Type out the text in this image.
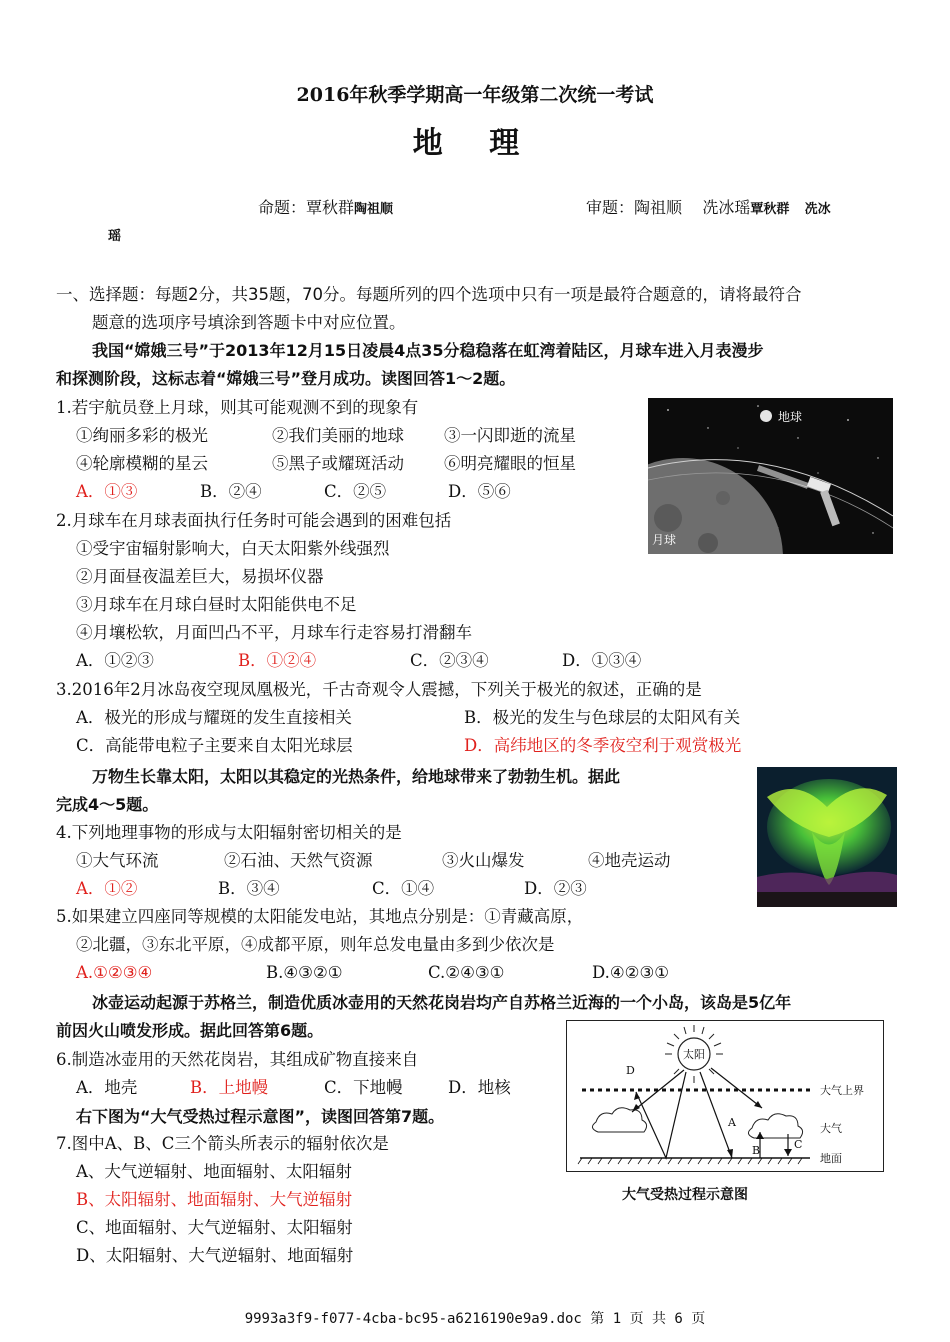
2016年秋季学期高一年级第二次统一考试
地 理
命题：覃秋群陶祖顺	审题：陶祖顺 冼冰瑶覃秋群 冼冰
瑶
一、选择题：每题2分，共35题，70分。每题所列的四个选项中只有一项是最符合题意的，请将最符合
题意的选项序号填涂到答题卡中对应位置。
我国“嫦娥三号”于2013年12月15日凌晨4点35分稳稳落在虹湾着陆区，月球车进入月表漫步
和探测阶段，这标志着“嫦娥三号”登月成功。读图回答1～2题。
1.若宇航员登上月球，则其可能观测不到的现象有
①绚丽多彩的极光	②我们美丽的地球 ③一闪即逝的流星
④轮廓模糊的星云	⑤黑子或耀斑活动 ⑥明亮耀眼的恒星
A．①③	B．②④	C．②⑤	D．⑤⑥
地球
月球
2.月球车在月球表面执行任务时可能会遇到的困难包括
①受宇宙辐射影响大，白天太阳紫外线强烈
②月面昼夜温差巨大，易损坏仪器
③月球车在月球白昼时太阳能供电不足
④月壤松软，月面凹凸不平，月球车行走容易打滑翻车
A．①②③	B．①②④	C．②③④	D．①③④
3.2016年2月冰岛夜空现凤凰极光，千古奇观令人震撼，下列关于极光的叙述，正确的是
A．极光的形成与耀斑的发生直接相关	B．极光的发生与色球层的太阳风有关
C．高能带电粒子主要来自太阳光球层	D．高纬地区的冬季夜空利于观赏极光
万物生长靠太阳，太阳以其稳定的光热条件，给地球带来了勃勃生机。据此
完成4～5题。
4.下列地理事物的形成与太阳辐射密切相关的是
①大气环流	②石油、天然气资源	③火山爆发	④地壳运动
A．①②	B．③④	C．①④	D．②③
5.如果建立四座同等规模的太阳能发电站，其地点分别是：①青藏高原，
②北疆，③东北平原，④成都平原，则年总发电量由多到少依次是
A.①②③④	B.④③②①	C.②④③①	D.④②③①
冰壶运动起源于苏格兰，制造优质冰壶用的天然花岗岩均产自苏格兰近海的一个小岛，该岛是5亿年
前因火山喷发形成。据此回答第6题。
6.制造冰壶用的天然花岗岩，其组成矿物直接来自
A．地壳	B．上地幔	C．下地幔	D．地核
右下图为“大气受热过程示意图”，读图回答第7题。
7.图中A、B、C三个箭头所表示的辐射依次是
A、大气逆辐射、地面辐射、太阳辐射
B、太阳辐射、地面辐射、大气逆辐射
C、地面辐射、大气逆辐射、太阳辐射
D、太阳辐射、大气逆辐射、地面辐射
太阳
大气上界
大气
地面
D
A
B	C
大气受热过程示意图
9993a3f9-f077-4cba-bc95-a6216190e9a9.doc 第 1 页 共 6 页
